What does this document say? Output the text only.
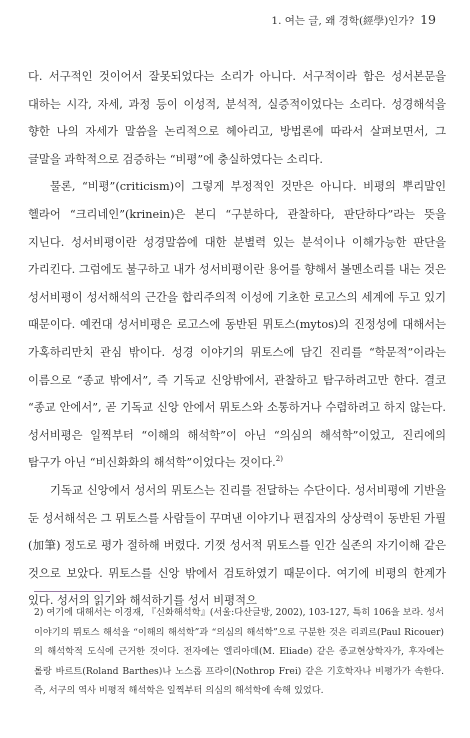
1. 여는 글, 왜 경학(經學)인가? 19

다. 서구적인 것이어서 잘못되었다는 소리가 아니다. 서구적이라 함은 성서본문을 대하는 시각, 자세, 과정 등이 이성적, 분석적, 실증적이었다는 소리다. 성경해석을 향한 나의 자세가 말씀을 논리적으로 헤아리고, 방법론에 따라서 살펴보면서, 그 글말을 과학적으로 검증하는 “비평”에 충실하였다는 소리다.

물론, “비평”(criticism)이 그렇게 부정적인 것만은 아니다. 비평의 뿌리말인 헬라어 “크리네인”(krinein)은 본디 “구분하다, 관찰하다, 판단하다”라는 뜻을 지닌다. 성서비평이란 성경말씀에 대한 분별력 있는 분석이나 이해가능한 판단을 가리킨다. 그럼에도 불구하고 내가 성서비평이란 용어를 향해서 볼멘소리를 내는 것은 성서비평이 성서해석의 근간을 합리주의적 이성에 기초한 로고스의 세계에 두고 있기 때문이다. 예컨대 성서비평은 로고스에 동반된 뮈토스(mytos)의 진정성에 대해서는 가혹하리만치 관심 밖이다. 성경 이야기의 뮈토스에 담긴 진리를 “학문적”이라는 이름으로 “종교 밖에서”, 즉 기독교 신앙밖에서, 관찰하고 탐구하려고만 한다. 결코 “종교 안에서”, 곧 기독교 신앙 안에서 뮈토스와 소통하거나 수렴하려고 하지 않는다. 성서비평은 일찍부터 “이해의 해석학”이 아닌 “의심의 해석학”이었고, 진리에의 탐구가 아닌 “비신화화의 해석학”이었다는 것이다.$^{2)}$

기독교 신앙에서 성서의 뮈토스는 진리를 전달하는 수단이다. 성서비평에 기반을 둔 성서해석은 그 뮈토스를 사람들이 꾸며낸 이야기나 편집자의 상상력이 동반된 가필(加筆) 정도로 평가 절하해 버렸다. 기껏 성서적 뮈토스를 인간 실존의 자기이해 같은 것으로 보았다. 뮈토스를 신앙 밖에서 검토하였기 때문이다. 여기에 비평의 한계가 있다. 성서의 읽기와 해석하기를 성서 비평적으

2) 여기에 대해서는 이경재, 『신화해석학』(서울:다산글방, 2002), 103-127, 특히 106을 보라. 성서 이야기의 뮈토스 해석을 “이해의 해석학”과 “의심의 해석학”으로 구분한 것은 리쾨르(Paul Ricouer)의 해석학적 도식에 근거한 것이다. 전자에는 엘리아데(M. Eliade) 같은 종교현상학자가, 후자에는 롤랑 바르트(Roland Barthes)나 노스롭 프라이(Nothrop Frei) 같은 기호학자나 비평가가 속한다. 즉, 서구의 역사 비평적 해석학은 일찍부터 의심의 해석학에 속해 있었다.
